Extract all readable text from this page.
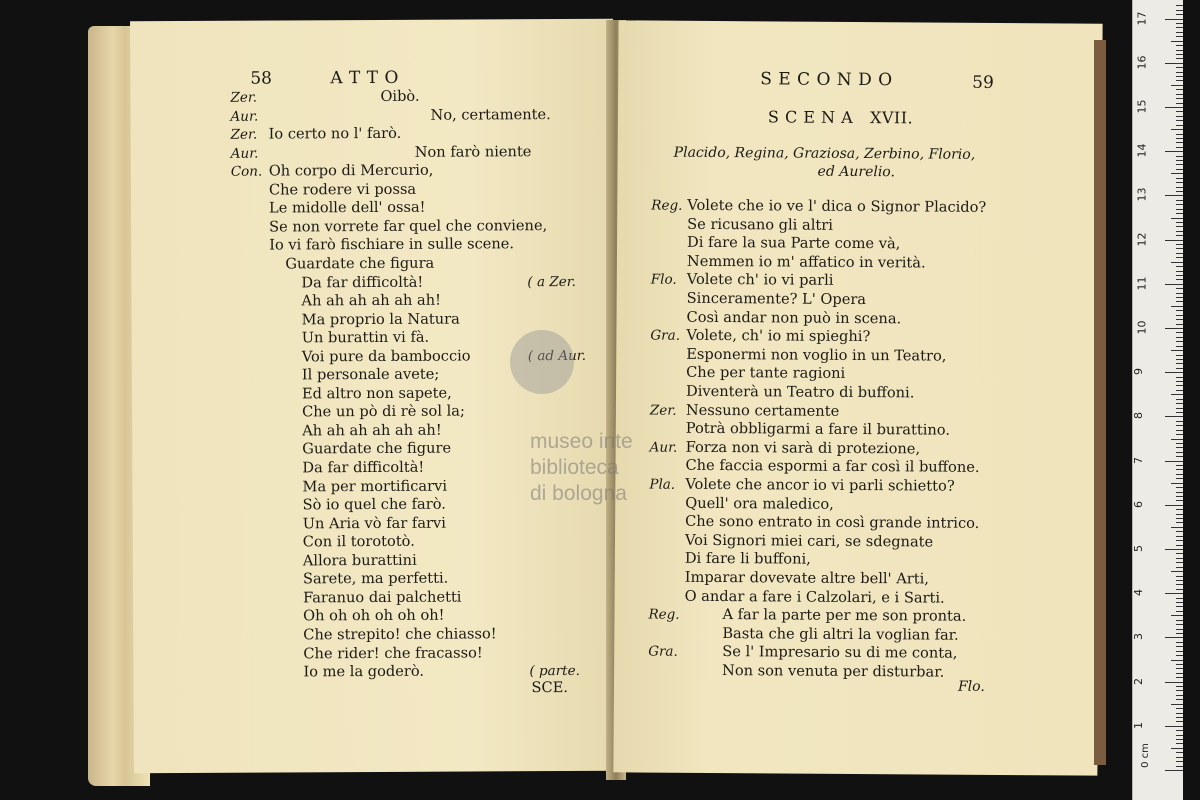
58	A T T O
Zer.	Oibò.
Aur.	No, certamente.
Zer. Io certo no l' farò.
Aur.	Non farò niente
Con. Oh corpo di Mercurio,
Che rodere vi possa
Le midolle dell' ossa!
Se non vorrete far quel che conviene,
Io vi farò fischiare in sulle scene.
Guardate che figura
Da far difficoltà!	( a Zer.
Ah ah ah ah ah ah!
Ma proprio la Natura
Un burattin vi fà.
Voi pure da bamboccio	( ad Aur.
Il personale avete;
Ed altro non sapete,
Che un pò di rè sol la;
Ah ah ah ah ah ah!
Guardate che figure
Da far difficoltà!
Ma per mortificarvi
Sò io quel che farò.
Un Aria vò far farvi
Con il torototò.
Allora burattini
Sarete, ma perfetti.
Faranuo dai palchetti
Oh oh oh oh oh oh!
Che strepito! che chiasso!
Che rider! che fracasso!
Io me la goderò.	( parte.
SCE.
S E C O N D O	59
S C E N A   XVII.
Placido, Regina, Graziosa, Zerbino, Florio,
ed Aurelio.
Reg. Volete che io ve l' dica o Signor Placido?
Se ricusano gli altri
Di fare la sua Parte come và,
Nemmen io m' affatico in verità.
Flo. Volete ch' io vi parli
Sinceramente? L' Opera
Così andar non può in scena.
Gra. Volete, ch' io mi spieghi?
Esponermi non voglio in un Teatro,
Che per tante ragioni
Diventerà un Teatro di buffoni.
Zer. Nessuno certamente
Potrà obbligarmi a fare il burattino.
Aur. Forza non vi sarà di protezione,
Che faccia espormi a far così il buffone.
Pla. Volete che ancor io vi parli schietto?
Quell' ora maledico,
Che sono entrato in così grande intrico.
Voi Signori miei cari, se sdegnate
Di fare li buffoni,
Imparar dovevate altre bell' Arti,
O andar a fare i Calzolari, e i Sarti.
Reg.	A far la parte per me son pronta.
Basta che gli altri la voglian far.
Gra.	Se l' Impresario su di me conta,
Non son venuta per disturbar.
Flo.
museo inte
biblioteca
di bologna
0 cm
1
2
3
4
5
6
7
8
9
10
11
12
13
14
15
16
17
